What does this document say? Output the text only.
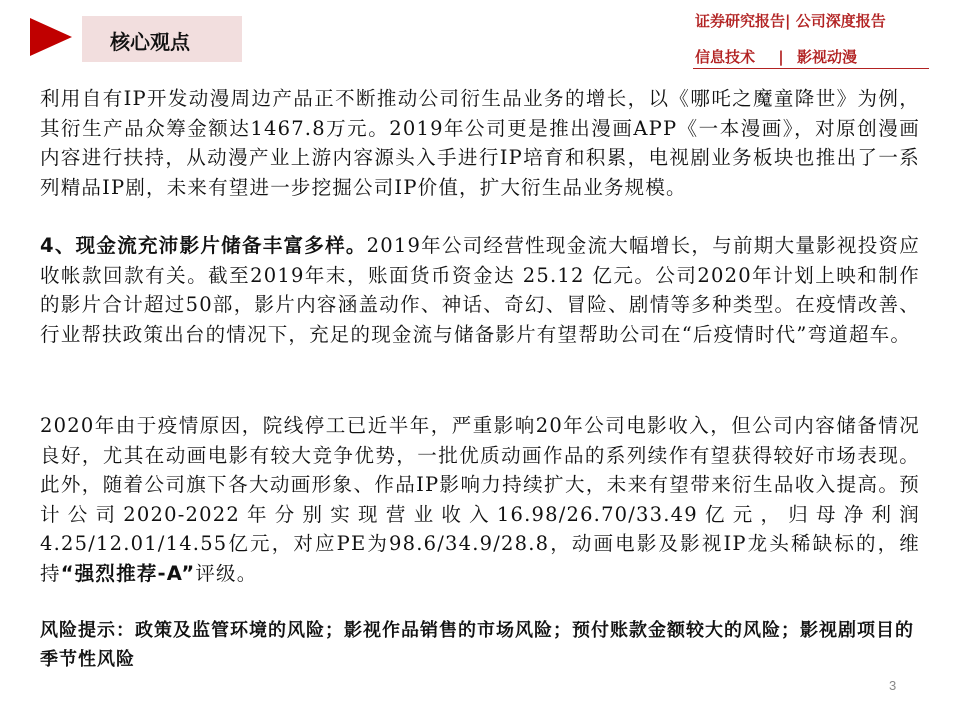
核心观点
证券研究报告| 公司深度报告
信息技术 | 影视动漫

利用自有IP开发动漫周边产品正不断推动公司衍生品业务的增长，以《哪吒之魔童降世》为例，其衍生产品众筹金额达1467.8万元。2019年公司更是推出漫画APP《一本漫画》，对原创漫画内容进行扶持，从动漫产业上游内容源头入手进行IP培育和积累，电视剧业务板块也推出了一系列精品IP剧，未来有望进一步挖掘公司IP价值，扩大衍生品业务规模。

4、现金流充沛影片储备丰富多样。2019年公司经营性现金流大幅增长，与前期大量影视投资应收帐款回款有关。截至2019年末，账面货币资金达 25.12 亿元。公司2020年计划上映和制作的影片合计超过50部，影片内容涵盖动作、神话、奇幻、冒险、剧情等多种类型。在疫情改善、行业帮扶政策出台的情况下，充足的现金流与储备影片有望帮助公司在“后疫情时代”弯道超车。

2020年由于疫情原因，院线停工已近半年，严重影响20年公司电影收入，但公司内容储备情况良好，尤其在动画电影有较大竞争优势，一批优质动画作品的系列续作有望获得较好市场表现。此外，随着公司旗下各大动画形象、作品IP影响力持续扩大，未来有望带来衍生品收入提高。预计公司2020-2022年分别实现营业收入16.98/26.70/33.49亿元，归母净利润4.25/12.01/14.55亿元，对应PE为98.6/34.9/28.8，动画电影及影视IP龙头稀缺标的，维持“强烈推荐-A”评级。

风险提示：政策及监管环境的风险；影视作品销售的市场风险；预付账款金额较大的风险；影视剧项目的季节性风险

3
